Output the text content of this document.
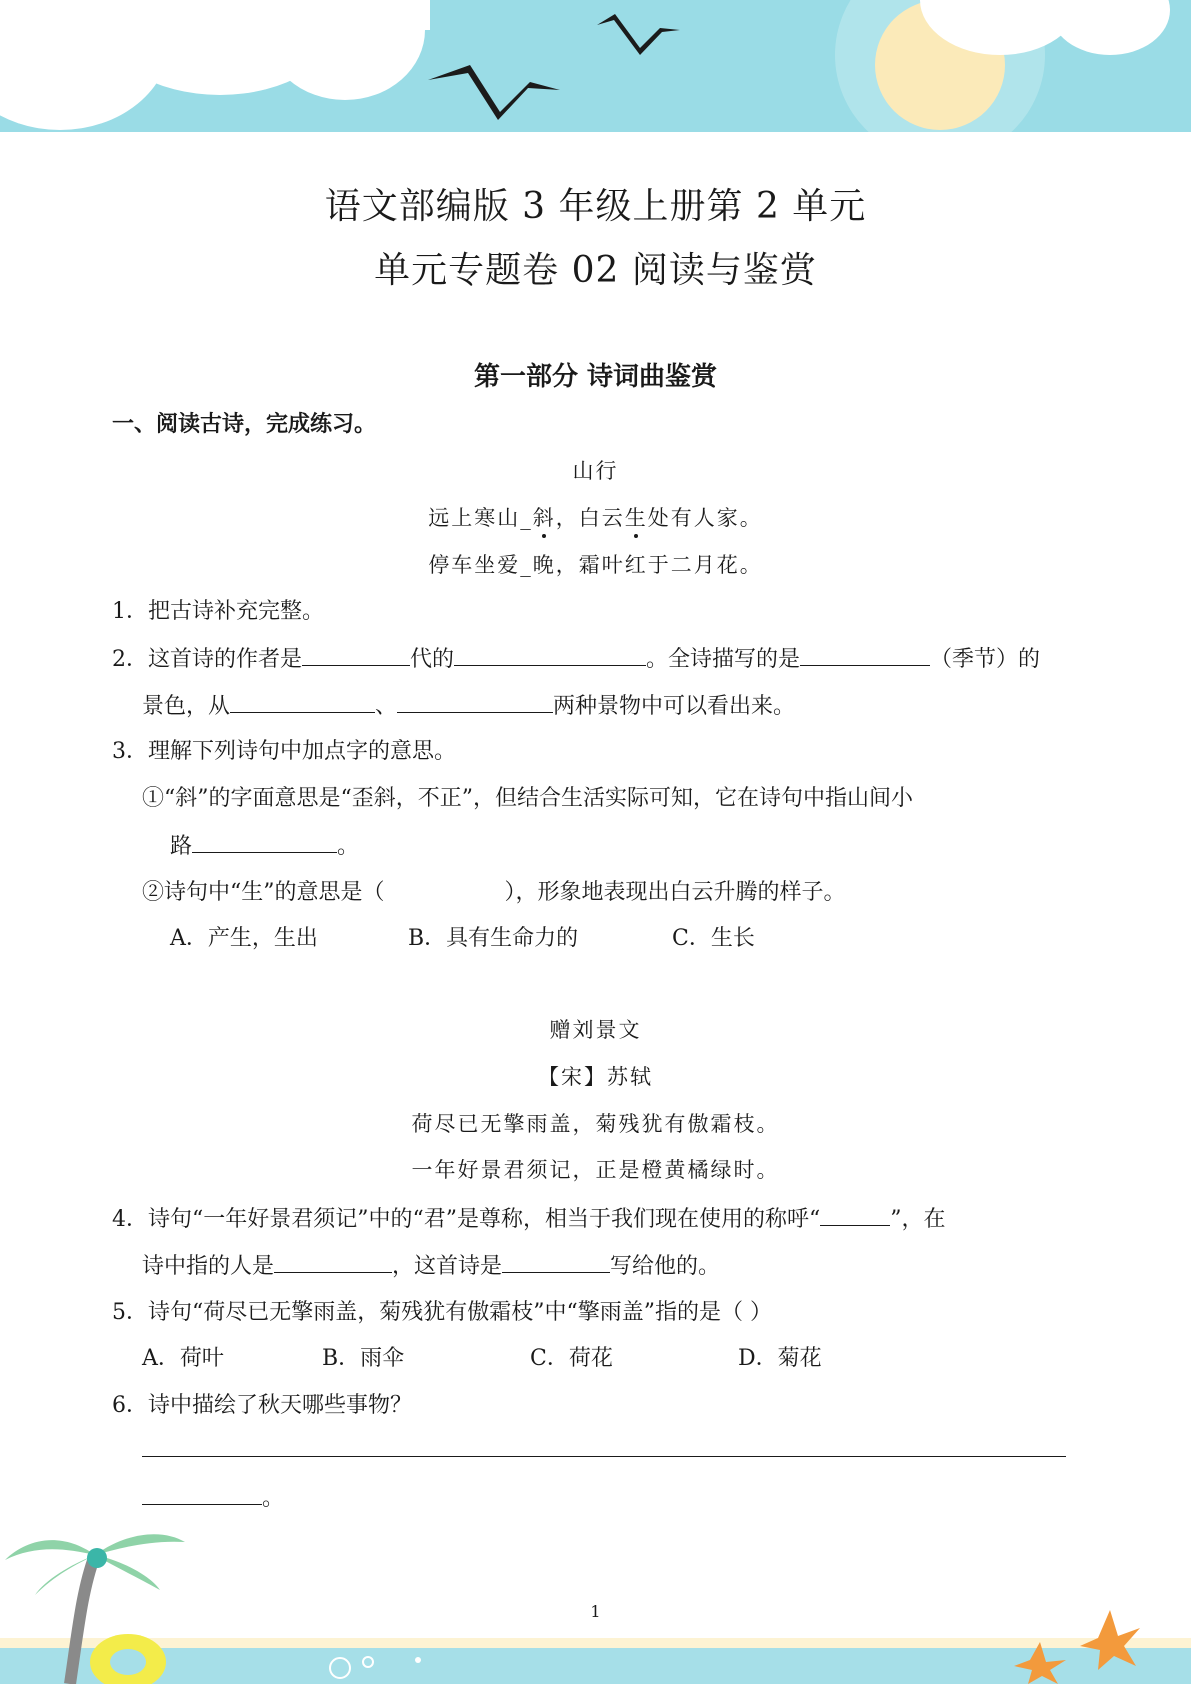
语文部编版 3 年级上册第 2 单元
单元专题卷 02 阅读与鉴赏
第一部分 诗词曲鉴赏
一、阅读古诗，完成练习。
山行
远上寒山_斜，白云生处有人家。
停车坐爱_晚，霜叶红于二月花。
1．把古诗补充完整。
2．这首诗的作者是	代的	。全诗描写的是	（季节）的
景色，从	、	两种景物中可以看出来。
3．理解下列诗句中加点字的意思。
①“斜”的字面意思是“歪斜，不正”，但结合生活实际可知，它在诗句中指山间小
路	。
②诗句中“生”的意思是（	），形象地表现出白云升腾的样子。
A．产生，生出	B．具有生命力的	C．生长
赠刘景文
【宋】苏轼
荷尽已无擎雨盖，菊残犹有傲霜枝。
一年好景君须记，正是橙黄橘绿时。
4．诗句“一年好景君须记”中的“君”是尊称，相当于我们现在使用的称呼“	”，在
诗中指的人是	，这首诗是	写给他的。
5．诗句“荷尽已无擎雨盖，菊残犹有傲霜枝”中“擎雨盖”指的是（ ）
A．荷叶	B．雨伞	C．荷花	D．菊花
6．诗中描绘了秋天哪些事物？
。
1
